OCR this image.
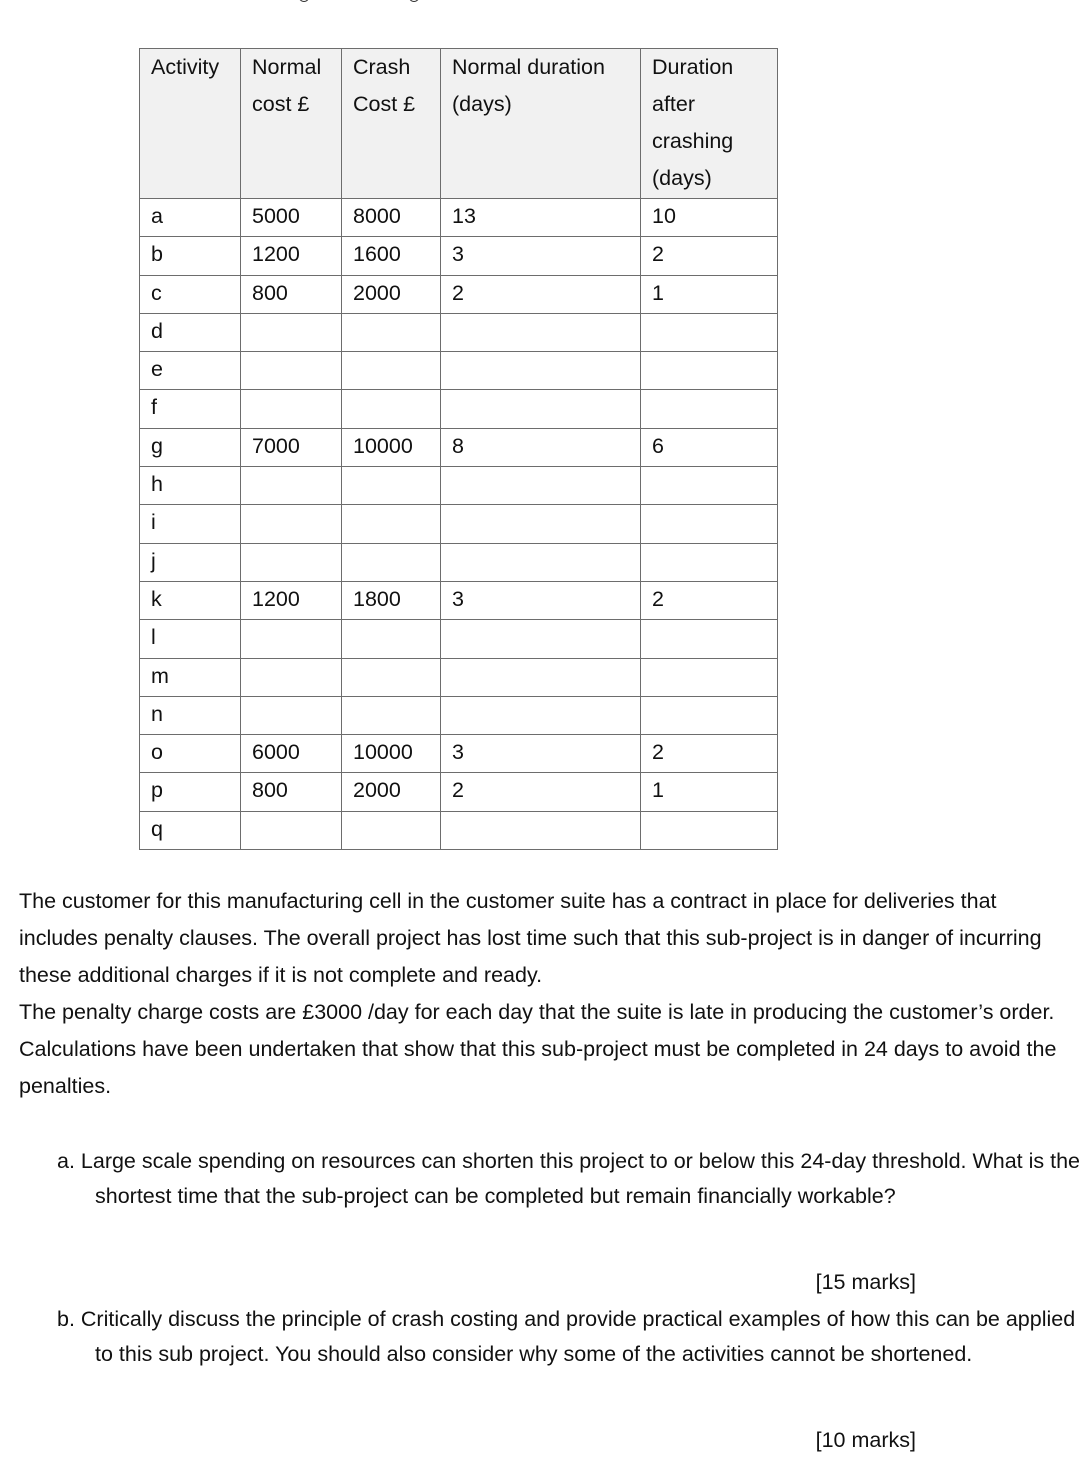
Activity	Normal cost £	Crash Cost £	Normal duration (days)	Duration after crashing (days)
a	5000	8000	13	10
b	1200	1600	3	2
c	800	2000	2	1
d				
e				
f				
g	7000	10000	8	6
h				
i				
j				
k	1200	1800	3	2
l				
m				
n				
o	6000	10000	3	2
p	800	2000	2	1
q				

The customer for this manufacturing cell in the customer suite has a contract in place for deliveries that includes penalty clauses. The overall project has lost time such that this sub-project is in danger of incurring these additional charges if it is not complete and ready.

The penalty charge costs are £3000 /day for each day that the suite is late in producing the customer’s order. Calculations have been undertaken that show that this sub-project must be completed in 24 days to avoid the penalties.

a. Large scale spending on resources can shorten this project to or below this 24-day threshold. What is the shortest time that the sub-project can be completed but remain financially workable?

[15 marks]

b. Critically discuss the principle of crash costing and provide practical examples of how this can be applied to this sub project. You should also consider why some of the activities cannot be shortened.

[10 marks]
